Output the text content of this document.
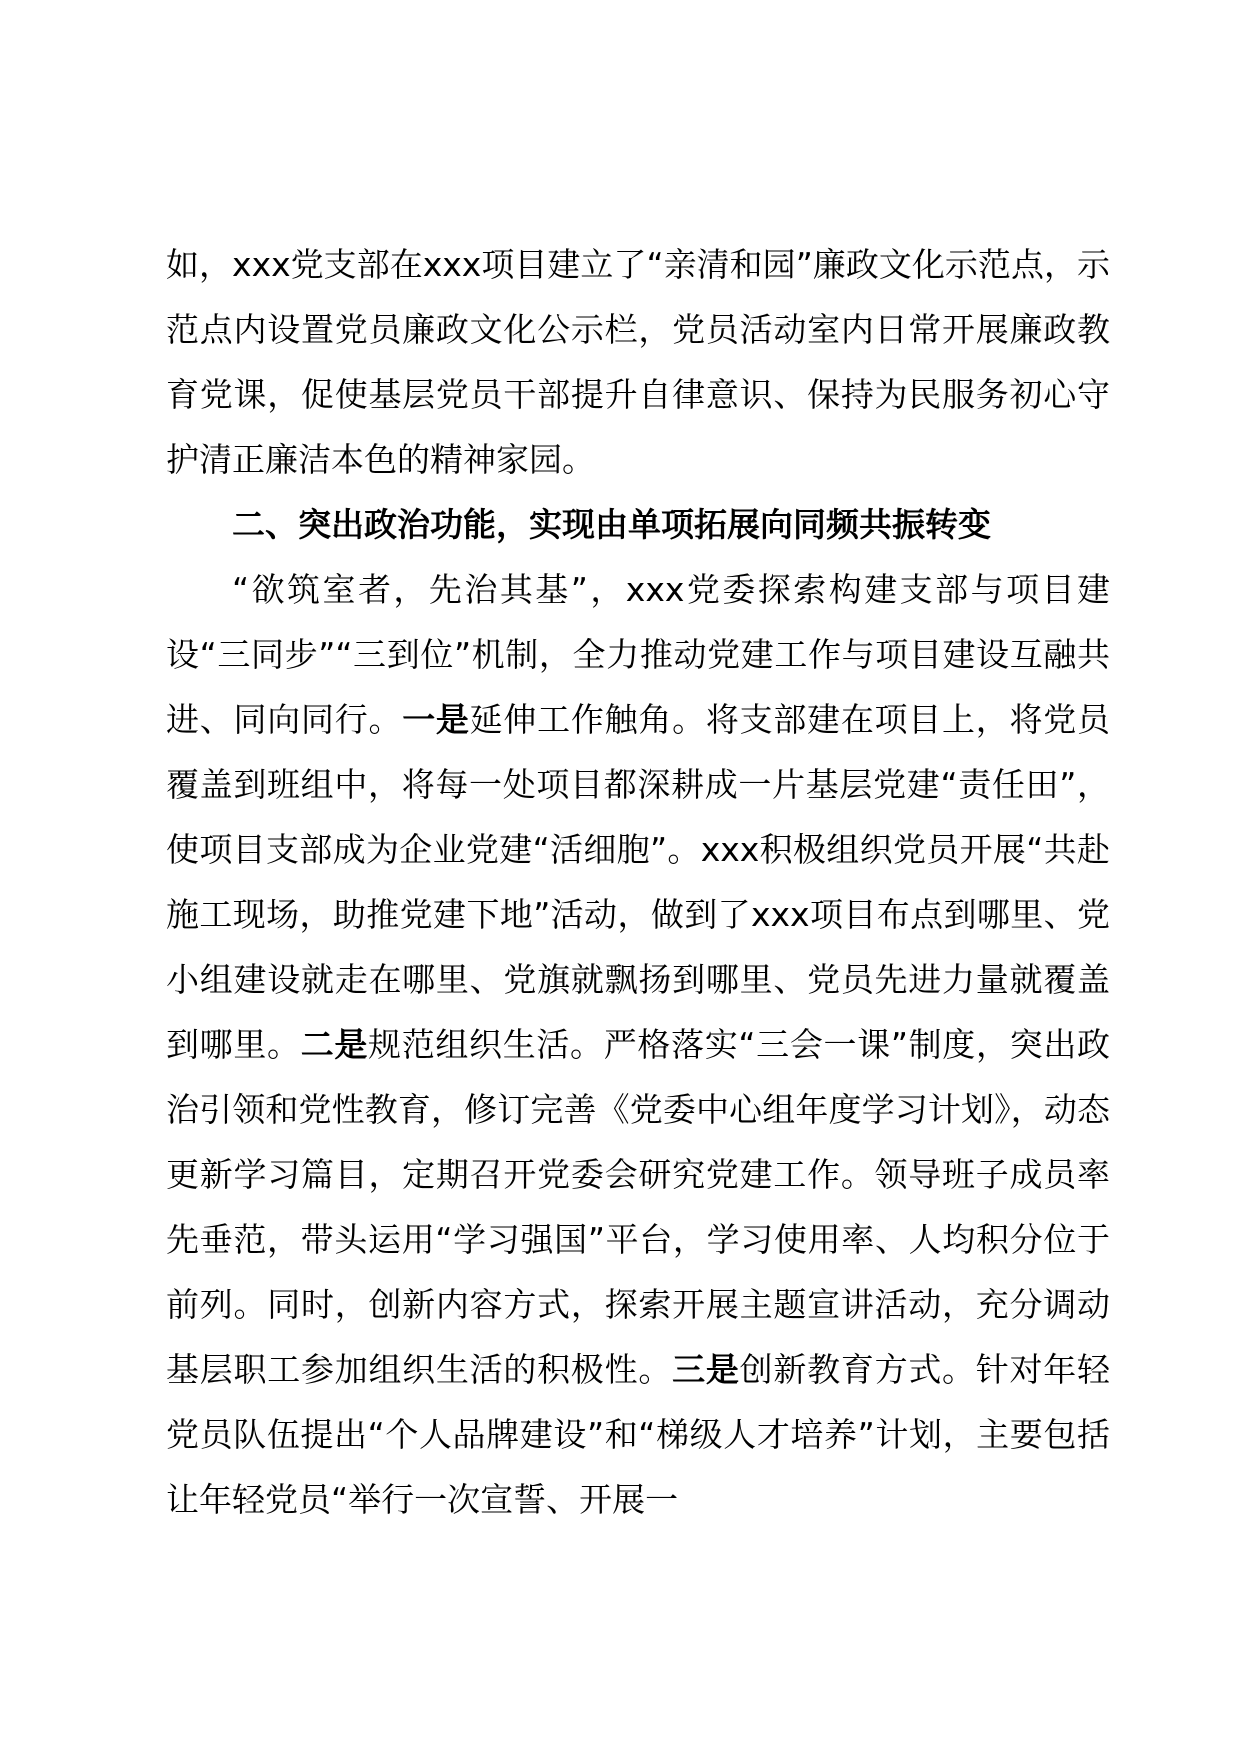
如，xxx党支部在xxx项目建立了“亲清和园”廉政文化示范点，示范点内设置党员廉政文化公示栏，党员活动室内日常开展廉政教育党课，促使基层党员干部提升自律意识、保持为民服务初心守护清正廉洁本色的精神家园。

二、突出政治功能，实现由单项拓展向同频共振转变

“欲筑室者，先治其基”，xxx党委探索构建支部与项目建设“三同步”“三到位”机制，全力推动党建工作与项目建设互融共进、同向同行。一是延伸工作触角。将支部建在项目上，将党员覆盖到班组中，将每一处项目都深耕成一片基层党建“责任田”，使项目支部成为企业党建“活细胞”。xxx积极组织党员开展“共赴施工现场，助推党建下地”活动，做到了xxx项目布点到哪里、党小组建设就走在哪里、党旗就飘扬到哪里、党员先进力量就覆盖到哪里。二是规范组织生活。严格落实“三会一课”制度，突出政治引领和党性教育，修订完善《党委中心组年度学习计划》，动态更新学习篇目，定期召开党委会研究党建工作。领导班子成员率先垂范，带头运用“学习强国”平台，学习使用率、人均积分位于前列。同时，创新内容方式，探索开展主题宣讲活动，充分调动基层职工参加组织生活的积极性。三是创新教育方式。针对年轻党员队伍提出“个人品牌建设”和“梯级人才培养”计划，主要包括让年轻党员“举行一次宣誓、开展一
